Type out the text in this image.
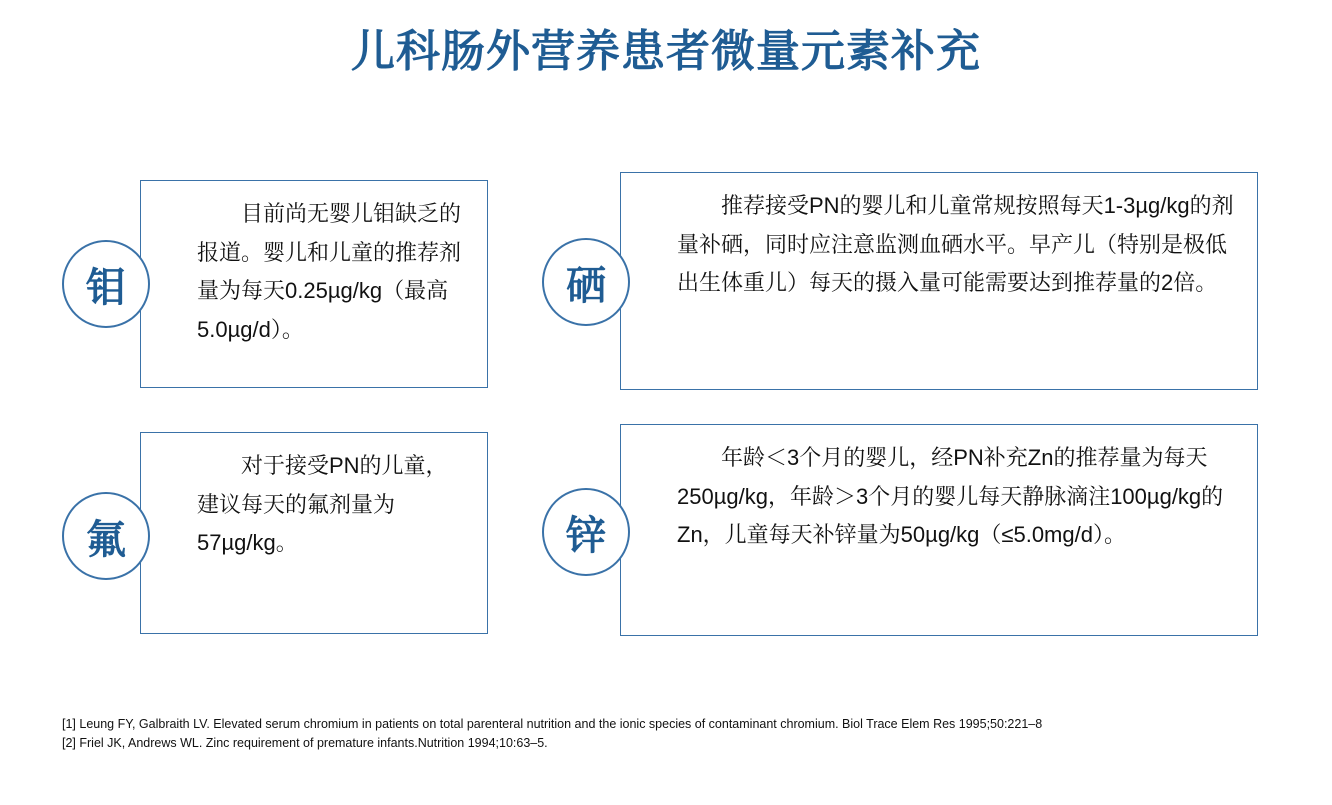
儿科肠外营养患者微量元素补充
目前尚无婴儿钼缺乏的报道。婴儿和儿童的推荐剂量为每天0.25µg/kg（最高5.0µg/d）。
钼
推荐接受PN的婴儿和儿童常规按照每天1-3µg/kg的剂量补硒，同时应注意监测血硒水平。早产儿（特别是极低出生体重儿）每天的摄入量可能需要达到推荐量的2倍。
硒
对于接受PN的儿童，建议每天的氟剂量为57µg/kg。
氟
年龄＜3个月的婴儿，经PN补充Zn的推荐量为每天250µg/kg，年龄＞3个月的婴儿每天静脉滴注100µg/kg的Zn，儿童每天补锌量为50µg/kg（≤5.0mg/d）。
锌
[1] Leung FY, Galbraith LV. Elevated serum chromium in patients on total parenteral nutrition and the ionic species of contaminant chromium. Biol Trace Elem Res 1995;50:221–8
[2] Friel JK, Andrews WL. Zinc requirement of premature infants.Nutrition 1994;10:63–5.
